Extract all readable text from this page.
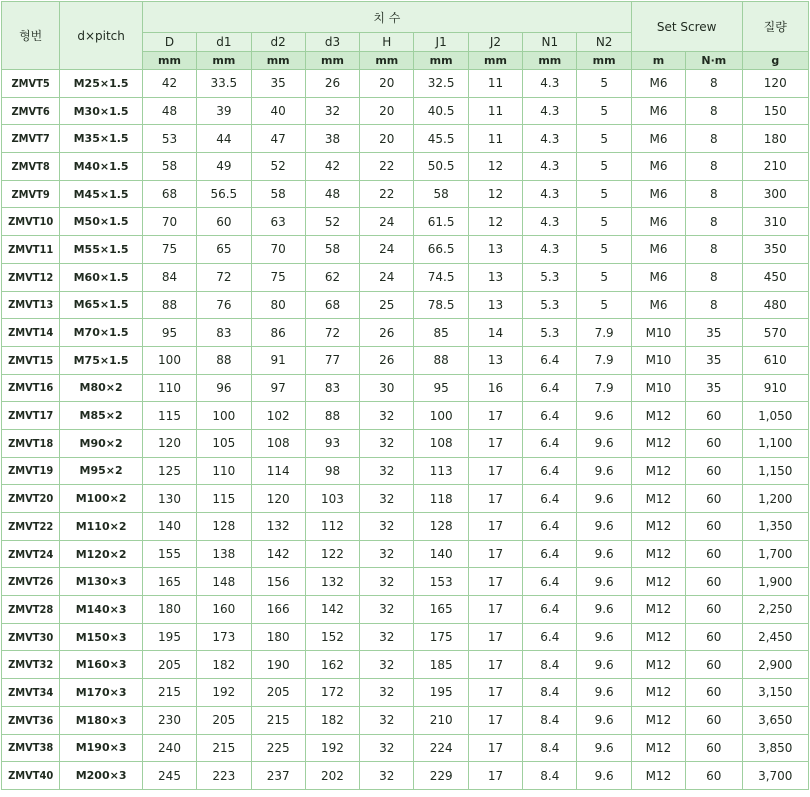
형번	d×pitch	치 수									Set Screw		질량
		D	d1	d2	d3	H	J1	J2	N1	N2			
		mm	mm	mm	mm	mm	mm	mm	mm	mm	m	N·m	g
ZMVT5	M25×1.5	42	33.5	35	26	20	32.5	11	4.3	5	M6	8	120
ZMVT6	M30×1.5	48	39	40	32	20	40.5	11	4.3	5	M6	8	150
ZMVT7	M35×1.5	53	44	47	38	20	45.5	11	4.3	5	M6	8	180
ZMVT8	M40×1.5	58	49	52	42	22	50.5	12	4.3	5	M6	8	210
ZMVT9	M45×1.5	68	56.5	58	48	22	58	12	4.3	5	M6	8	300
ZMVT10	M50×1.5	70	60	63	52	24	61.5	12	4.3	5	M6	8	310
ZMVT11	M55×1.5	75	65	70	58	24	66.5	13	4.3	5	M6	8	350
ZMVT12	M60×1.5	84	72	75	62	24	74.5	13	5.3	5	M6	8	450
ZMVT13	M65×1.5	88	76	80	68	25	78.5	13	5.3	5	M6	8	480
ZMVT14	M70×1.5	95	83	86	72	26	85	14	5.3	7.9	M10	35	570
ZMVT15	M75×1.5	100	88	91	77	26	88	13	6.4	7.9	M10	35	610
ZMVT16	M80×2	110	96	97	83	30	95	16	6.4	7.9	M10	35	910
ZMVT17	M85×2	115	100	102	88	32	100	17	6.4	9.6	M12	60	1,050
ZMVT18	M90×2	120	105	108	93	32	108	17	6.4	9.6	M12	60	1,100
ZMVT19	M95×2	125	110	114	98	32	113	17	6.4	9.6	M12	60	1,150
ZMVT20	M100×2	130	115	120	103	32	118	17	6.4	9.6	M12	60	1,200
ZMVT22	M110×2	140	128	132	112	32	128	17	6.4	9.6	M12	60	1,350
ZMVT24	M120×2	155	138	142	122	32	140	17	6.4	9.6	M12	60	1,700
ZMVT26	M130×3	165	148	156	132	32	153	17	6.4	9.6	M12	60	1,900
ZMVT28	M140×3	180	160	166	142	32	165	17	6.4	9.6	M12	60	2,250
ZMVT30	M150×3	195	173	180	152	32	175	17	6.4	9.6	M12	60	2,450
ZMVT32	M160×3	205	182	190	162	32	185	17	8.4	9.6	M12	60	2,900
ZMVT34	M170×3	215	192	205	172	32	195	17	8.4	9.6	M12	60	3,150
ZMVT36	M180×3	230	205	215	182	32	210	17	8.4	9.6	M12	60	3,650
ZMVT38	M190×3	240	215	225	192	32	224	17	8.4	9.6	M12	60	3,850
ZMVT40	M200×3	245	223	237	202	32	229	17	8.4	9.6	M12	60	3,700
